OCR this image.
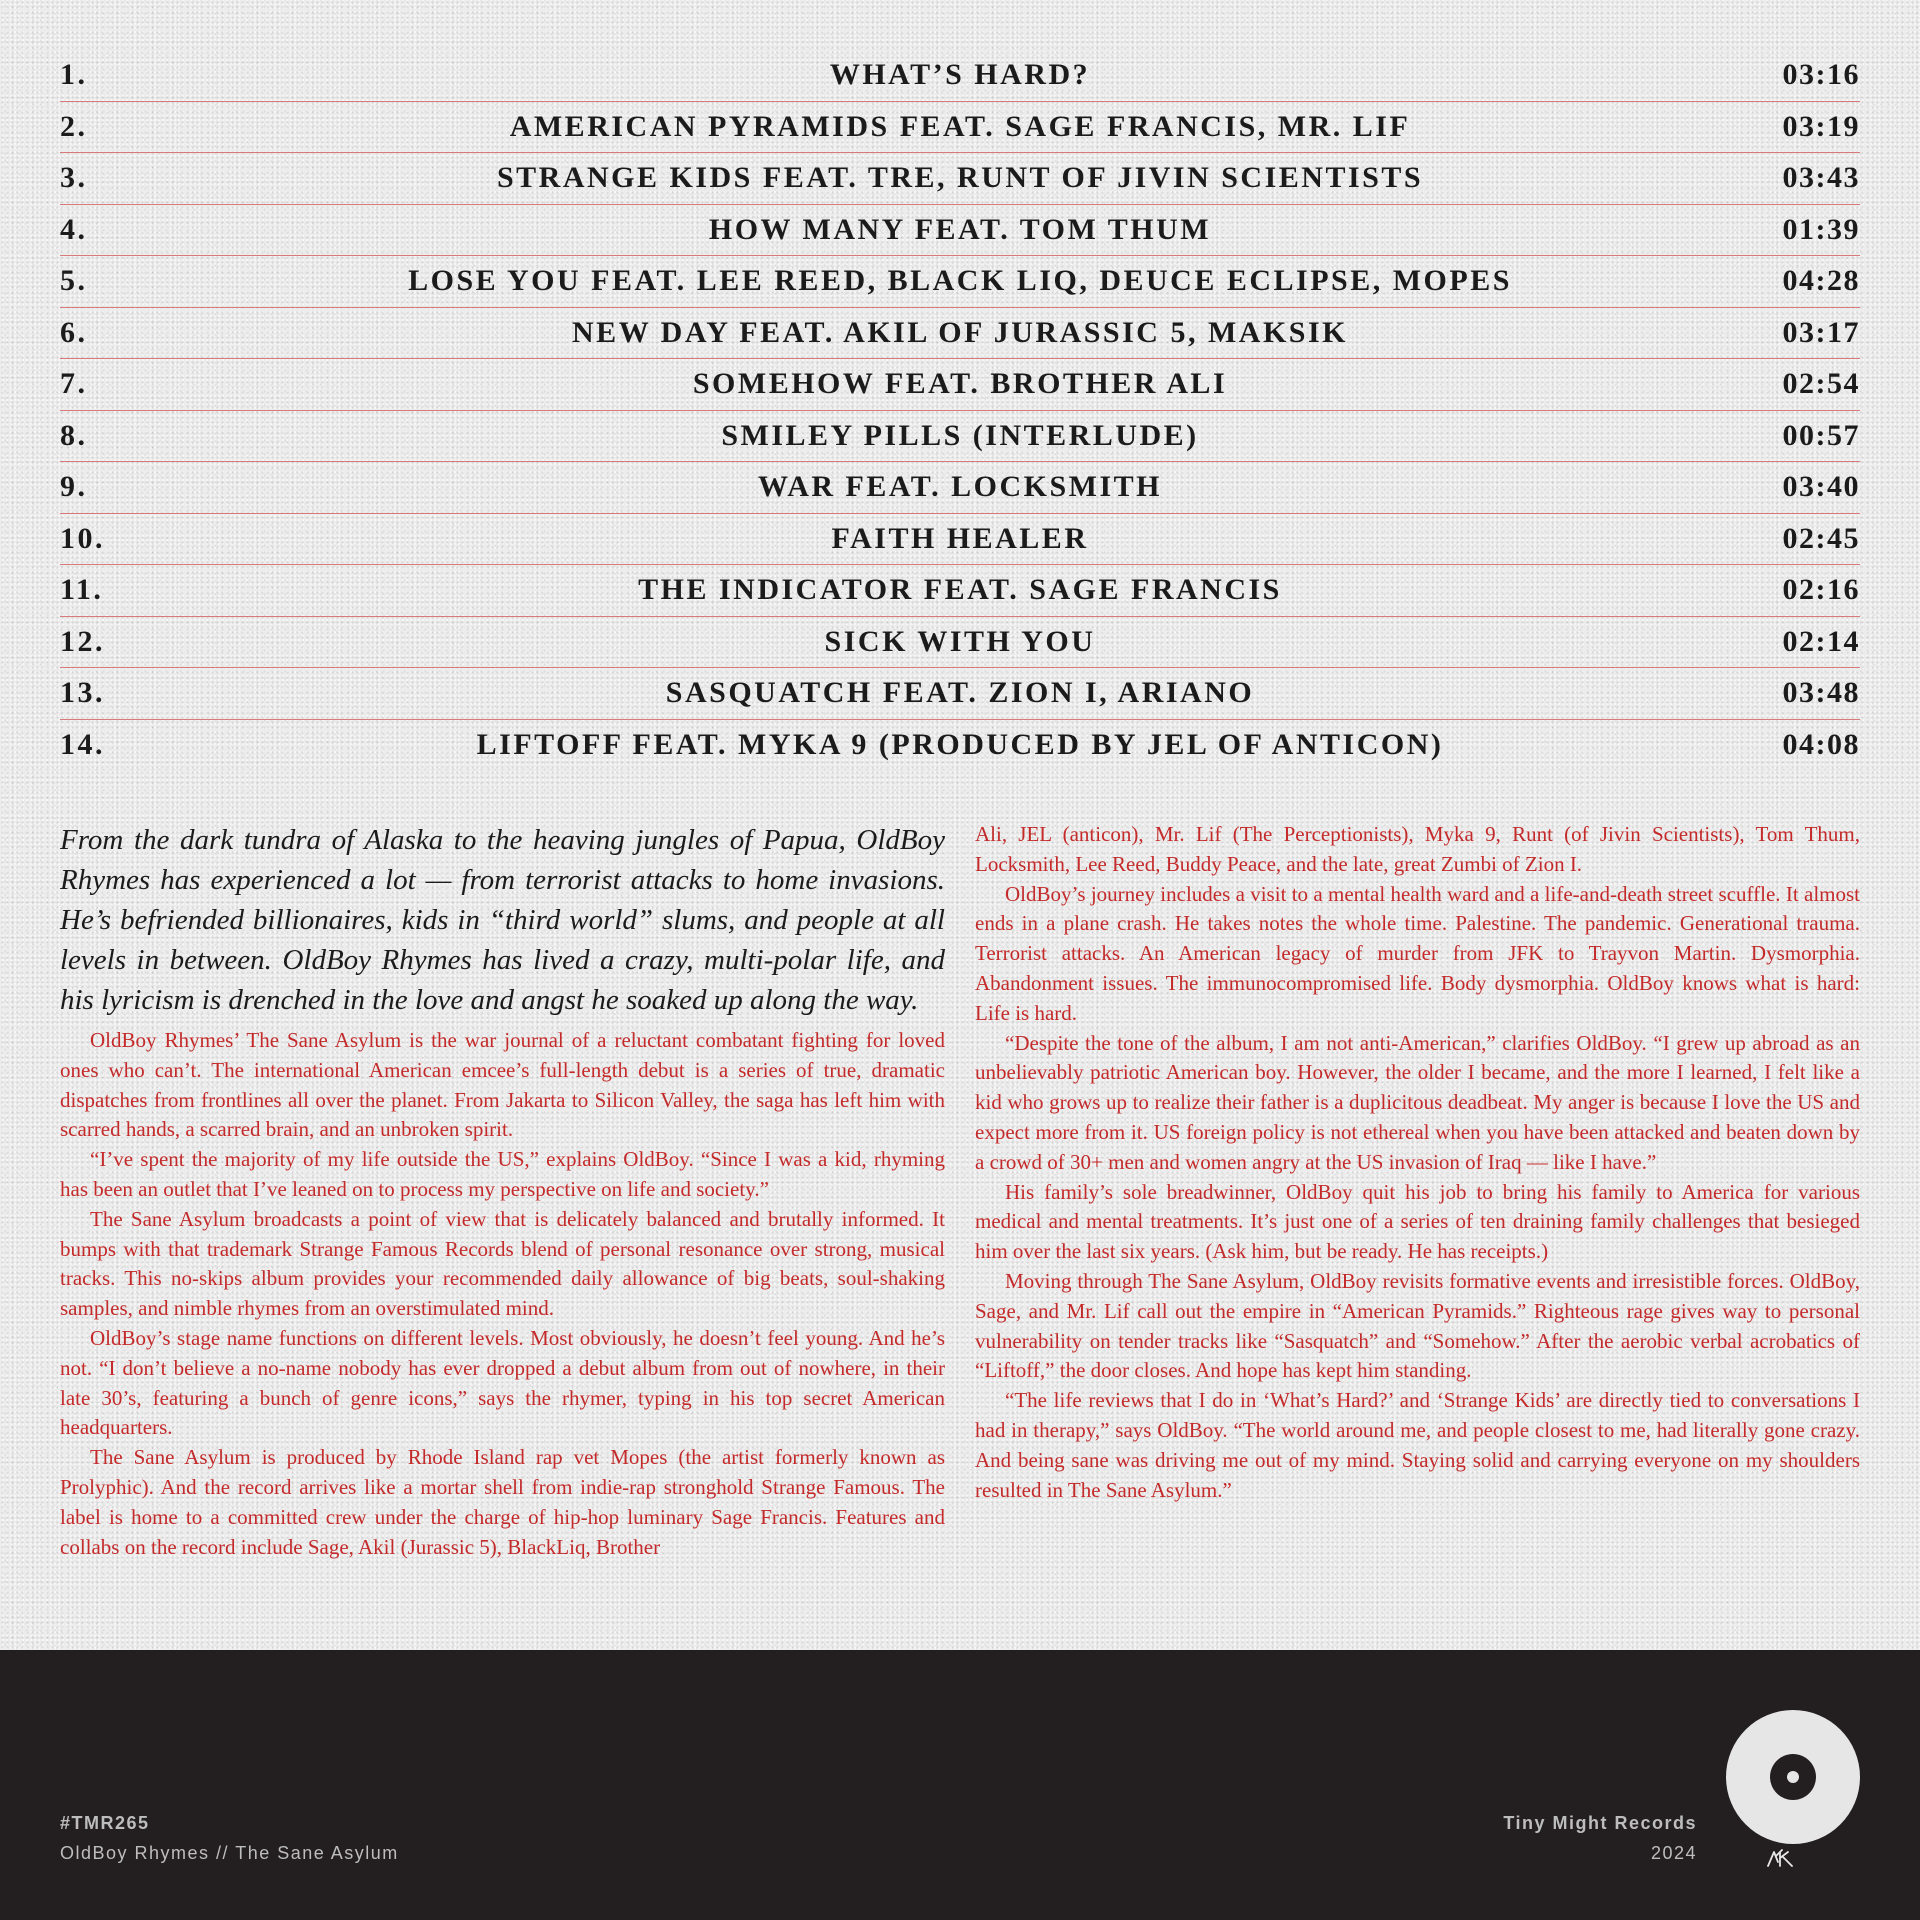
1.	WHAT’S HARD?	03:16
2.	AMERICAN PYRAMIDS FEAT. SAGE FRANCIS, MR. LIF	03:19
3.	STRANGE KIDS FEAT. TRE, RUNT OF JIVIN SCIENTISTS	03:43
4.	HOW MANY FEAT. TOM THUM	01:39
5.	LOSE YOU FEAT. LEE REED, BLACK LIQ, DEUCE ECLIPSE, MOPES	04:28
6.	NEW DAY FEAT. AKIL OF JURASSIC 5, MAKSIK	03:17
7.	SOMEHOW FEAT. BROTHER ALI	02:54
8.	SMILEY PILLS (INTERLUDE)	00:57
9.	WAR FEAT. LOCKSMITH	03:40
10.	FAITH HEALER	02:45
11.	THE INDICATOR FEAT. SAGE FRANCIS	02:16
12.	SICK WITH YOU	02:14
13.	SASQUATCH FEAT. ZION I, ARIANO	03:48
14.	LIFTOFF FEAT. MYKA 9 (PRODUCED BY JEL OF ANTICON)	04:08

From the dark tundra of Alaska to the heaving jungles of Papua, OldBoy Rhymes has experienced a lot — from terrorist attacks to home invasions. He’s befriended billionaires, kids in “third world” slums, and people at all levels in between. OldBoy Rhymes has lived a crazy, multi-polar life, and his lyricism is drenched in the love and angst he soaked up along the way.

OldBoy Rhymes’ The Sane Asylum is the war journal of a reluctant combatant fighting for loved ones who can’t. The international American emcee’s full-length debut is a series of true, dramatic dispatches from frontlines all over the planet. From Jakarta to Silicon Valley, the saga has left him with scarred hands, a scarred brain, and an unbroken spirit.

“I’ve spent the majority of my life outside the US,” explains OldBoy. “Since I was a kid, rhyming has been an outlet that I’ve leaned on to process my perspective on life and society.”

The Sane Asylum broadcasts a point of view that is delicately balanced and brutally informed. It bumps with that trademark Strange Famous Records blend of personal resonance over strong, musical tracks. This no-skips album provides your recommended daily allowance of big beats, soul-shaking samples, and nimble rhymes from an overstimulated mind.

OldBoy’s stage name functions on different levels. Most obviously, he doesn’t feel young. And he’s not. “I don’t believe a no-name nobody has ever dropped a debut album from out of nowhere, in their late 30’s, featuring a bunch of genre icons,” says the rhymer, typing in his top secret American headquarters.

The Sane Asylum is produced by Rhode Island rap vet Mopes (the artist formerly known as Prolyphic). And the record arrives like a mortar shell from indie-rap stronghold Strange Famous. The label is home to a committed crew under the charge of hip-hop luminary Sage Francis. Features and collabs on the record include Sage, Akil (Jurassic 5), BlackLiq, Brother

Ali, JEL (anticon), Mr. Lif (The Perceptionists), Myka 9, Runt (of Jivin Scientists), Tom Thum, Locksmith, Lee Reed, Buddy Peace, and the late, great Zumbi of Zion I.

OldBoy’s journey includes a visit to a mental health ward and a life-and-death street scuffle. It almost ends in a plane crash. He takes notes the whole time. Palestine. The pandemic. Generational trauma. Terrorist attacks. An American legacy of murder from JFK to Trayvon Martin. Dysmorphia. Abandonment issues. The immunocompromised life. Body dysmorphia. OldBoy knows what is hard: Life is hard.

“Despite the tone of the album, I am not anti-American,” clarifies OldBoy. “I grew up abroad as an unbelievably patriotic American boy. However, the older I became, and the more I learned, I felt like a kid who grows up to realize their father is a duplicitous deadbeat. My anger is because I love the US and expect more from it. US foreign policy is not ethereal when you have been attacked and beaten down by a crowd of 30+ men and women angry at the US invasion of Iraq — like I have.”

His family’s sole breadwinner, OldBoy quit his job to bring his family to America for various medical and mental treatments. It’s just one of a series of ten draining family challenges that besieged him over the last six years. (Ask him, but be ready. He has receipts.)

Moving through The Sane Asylum, OldBoy revisits formative events and irresistible forces. OldBoy, Sage, and Mr. Lif call out the empire in “American Pyramids.” Righteous rage gives way to personal vulnerability on tender tracks like “Sasquatch” and “Somehow.” After the aerobic verbal acrobatics of “Liftoff,” the door closes. And hope has kept him standing.

“The life reviews that I do in ‘What’s Hard?’ and ‘Strange Kids’ are directly tied to conversations I had in therapy,” says OldBoy. “The world around me, and people closest to me, had literally gone crazy. And being sane was driving me out of my mind. Staying solid and carrying everyone on my shoulders resulted in The Sane Asylum.”

#TMR265
OldBoy Rhymes // The Sane Asylum
Tiny Might Records
2024
